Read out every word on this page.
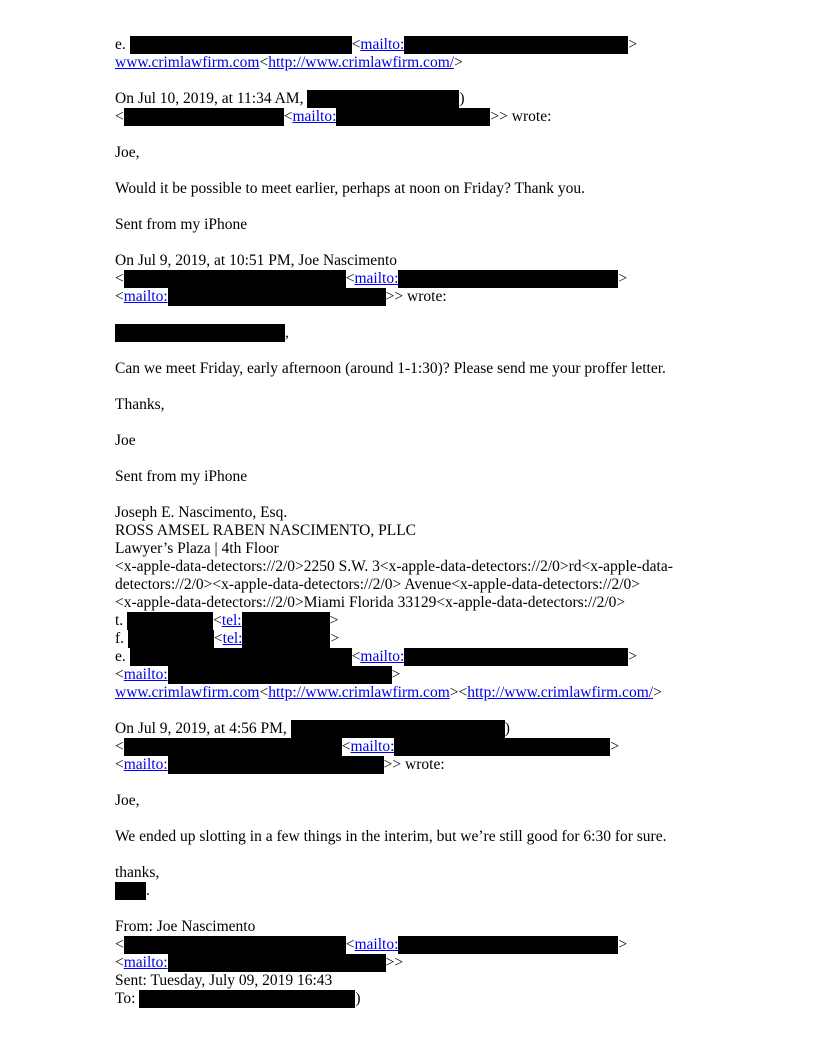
e.	<mailto:	>
www.crimlawfirm.com<http://www.crimlawfirm.com/>
On Jul 10, 2019, at 11:34 AM,	)
<	<mailto:	>> wrote:
Joe,
Would it be possible to meet earlier, perhaps at noon on Friday? Thank you.
Sent from my iPhone
On Jul 9, 2019, at 10:51 PM, Joe Nascimento
<	<mailto:	>
<mailto:	>> wrote:
,
Can we meet Friday, early afternoon (around 1-1:30)? Please send me your proffer letter.
Thanks,
Joe
Sent from my iPhone
Joseph E. Nascimento, Esq.
ROSS AMSEL RABEN NASCIMENTO, PLLC
Lawyer’s Plaza | 4th Floor
<x-apple-data-detectors://2/0>2250 S.W. 3<x-apple-data-detectors://2/0>rd<x-apple-data-
detectors://2/0><x-apple-data-detectors://2/0> Avenue<x-apple-data-detectors://2/0>
<x-apple-data-detectors://2/0>Miami Florida 33129<x-apple-data-detectors://2/0>
t.	<tel:	>
f.	<tel:	>
e.	<mailto:	>
<mailto:	>
www.crimlawfirm.com<http://www.crimlawfirm.com><http://www.crimlawfirm.com/>
On Jul 9, 2019, at 4:56 PM,	)
<	<mailto:	>
<mailto:	>> wrote:
Joe,
We ended up slotting in a few things in the interim, but we’re still good for 6:30 for sure.
thanks,
.
From: Joe Nascimento
<	<mailto:	>
<mailto:	>>
Sent: Tuesday, July 09, 2019 16:43
To:	)
